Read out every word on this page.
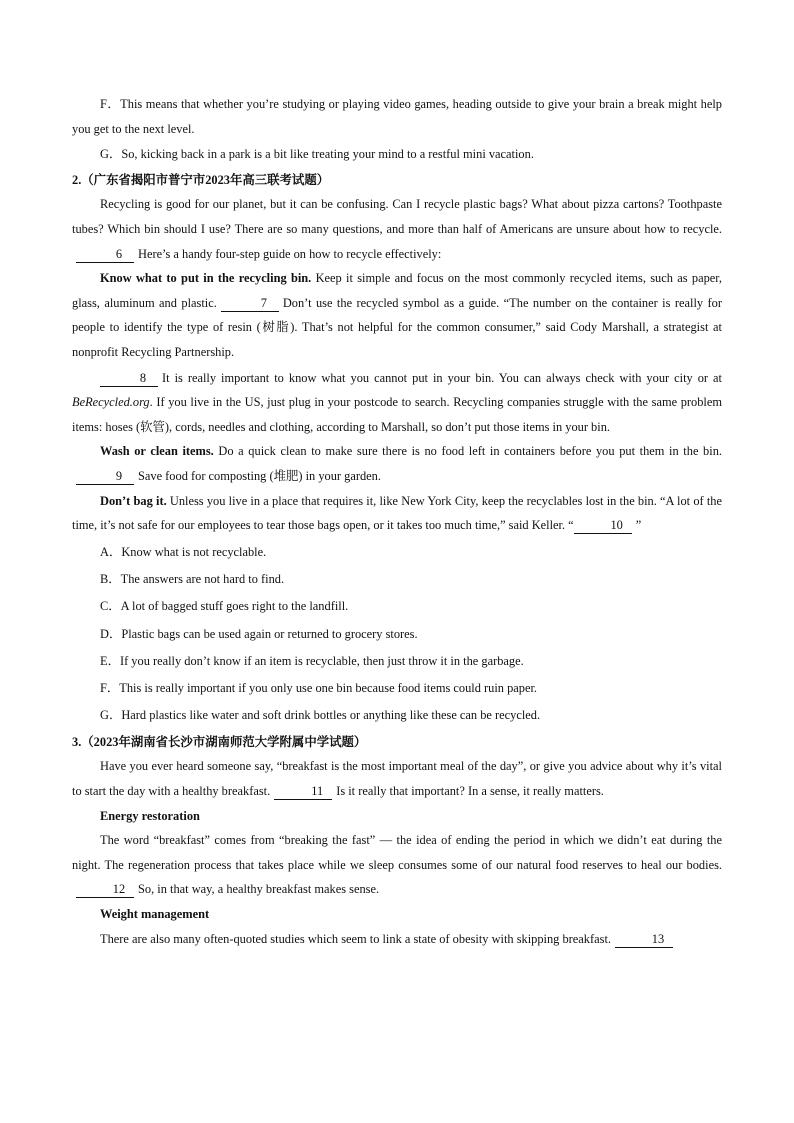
F．This means that whether you’re studying or playing video games, heading outside to give your brain a break might help you get to the next level.

G．So, kicking back in a park is a bit like treating your mind to a restful mini vacation.

2.（广东省揭阳市普宁市2023年高三联考试题）

Recycling is good for our planet, but it can be confusing. Can I recycle plastic bags? What about pizza cartons? Toothpaste tubes? Which bin should I use? There are so many questions, and more than half of Americans are unsure about how to recycle.6 Here’s a handy four-step guide on how to recycle effectively:

Know what to put in the recycling bin. Keep it simple and focus on the most commonly recycled items, such as paper, glass, aluminum and plastic.	7 Don’t use the recycled symbol as a guide. “The number on the container is really for people to identify the type of resin (树脂). That’s not helpful for the common consumer,” said Cody Marshall, a strategist at nonprofit Recycling Partnership.

8 It is really important to know what you cannot put in your bin. You can always check with your city or at BeRecycled.org. If you live in the US, just plug in your postcode to search. Recycling companies struggle with the same problem items: hoses (软管), cords, needles and clothing, according to Marshall, so don’t put those items in your bin.

Wash or clean items. Do a quick clean to make sure there is no food left in containers before you put them in the bin.9 Save food for composting (堆肥) in your garden.

Don’t bag it. Unless you live in a place that requires it, like New York City, keep the recyclables lost in the bin. “A lot of the time, it’s not safe for our employees to tear those bags open, or it takes too much time,” said Keller. “	10 ”

A．Know what is not recyclable.

B．The answers are not hard to find.

C．A lot of bagged stuff goes right to the landfill.

D．Plastic bags can be used again or returned to grocery stores.

E．If you really don’t know if an item is recyclable, then just throw it in the garbage.

F．This is really important if you only use one bin because food items could ruin paper.

G．Hard plastics like water and soft drink bottles or anything like these can be recycled.

3.（2023年湖南省长沙市湖南师范大学附属中学试题）

Have you ever heard someone say, “breakfast is the most important meal of the day”, or give you advice about why it’s vital to start the day with a healthy breakfast.	11 Is it really that important? In a sense, it really matters.

Energy restoration

The word “breakfast” comes from “breaking the fast” — the idea of ending the period in which we didn’t eat during the night. The regeneration process that takes place while we sleep consumes some of our natural food reserves to heal our bodies.12 So, in that way, a healthy breakfast makes sense.

Weight management

There are also many often-quoted studies which seem to link a state of obesity with skipping breakfast.	13
